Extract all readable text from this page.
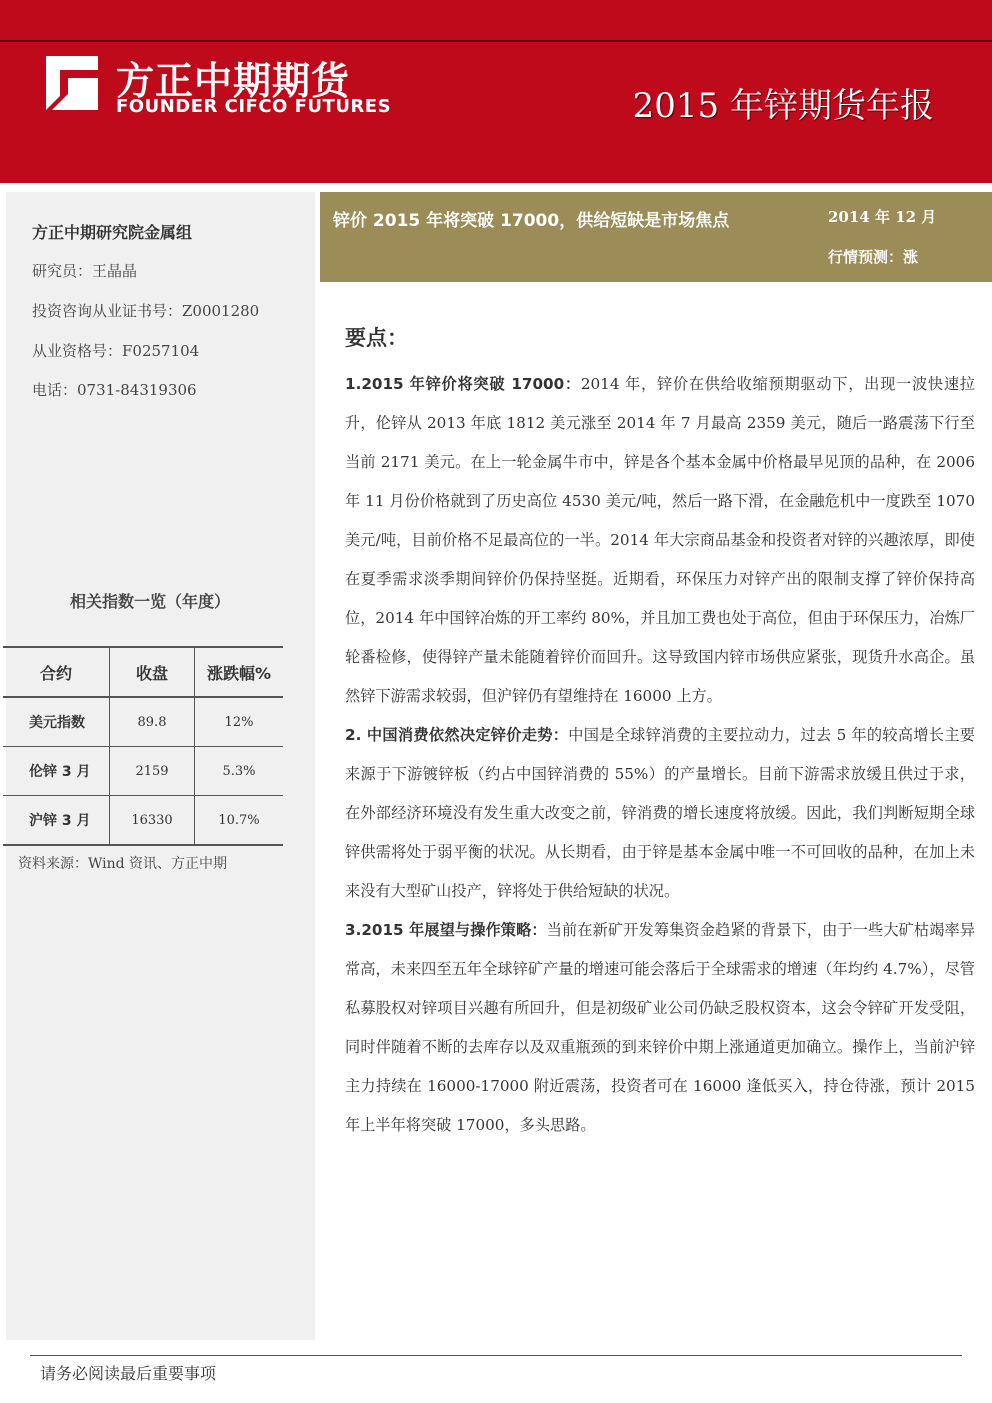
方正中期期货
FOUNDER CIFCO FUTURES	2015 年锌期货年报
方正中期研究院金属组
研究员：王晶晶
投资咨询从业证书号：Z0001280
从业资格号：F0257104
电话：0731-84319306
相关指数一览（年度）
合约	收盘	涨跌幅%
美元指数	89.8	12%
伦锌 3 月	2159	5.3%
沪锌 3 月	16330	10.7%
资料来源：Wind 资讯、方正中期
锌价 2015 年将突破 17000，供给短缺是市场焦点	2014 年 12 月
行情预测：涨
要点：

1.2015 年锌价将突破 17000：2014 年，锌价在供给收缩预期驱动下，出现一波快速拉升，伦锌从 2013 年底 1812 美元涨至 2014 年 7 月最高 2359 美元，随后一路震荡下行至当前 2171 美元。在上一轮金属牛市中，锌是各个基本金属中价格最早见顶的品种，在 2006 年 11 月份价格就到了历史高位 4530 美元/吨，然后一路下滑，在金融危机中一度跌至 1070 美元/吨，目前价格不足最高位的一半。2014 年大宗商品基金和投资者对锌的兴趣浓厚，即使在夏季需求淡季期间锌价仍保持坚挺。近期看，环保压力对锌产出的限制支撑了锌价保持高位，2014 年中国锌冶炼的开工率约 80%，并且加工费也处于高位，但由于环保压力，冶炼厂轮番检修，使得锌产量未能随着锌价而回升。这导致国内锌市场供应紧张，现货升水高企。虽然锌下游需求较弱，但沪锌仍有望维持在 16000 上方。

2. 中国消费依然决定锌价走势：中国是全球锌消费的主要拉动力，过去 5 年的较高增长主要来源于下游镀锌板（约占中国锌消费的 55%）的产量增长。目前下游需求放缓且供过于求，在外部经济环境没有发生重大改变之前，锌消费的增长速度将放缓。因此，我们判断短期全球锌供需将处于弱平衡的状况。从长期看，由于锌是基本金属中唯一不可回收的品种，在加上未来没有大型矿山投产，锌将处于供给短缺的状况。

3.2015 年展望与操作策略：当前在新矿开发筹集资金趋紧的背景下，由于一些大矿枯竭率异常高，未来四至五年全球锌矿产量的增速可能会落后于全球需求的增速（年均约 4.7%），尽管私募股权对锌项目兴趣有所回升，但是初级矿业公司仍缺乏股权资本，这会令锌矿开发受阻，同时伴随着不断的去库存以及双重瓶颈的到来锌价中期上涨通道更加确立。操作上，当前沪锌主力持续在 16000-17000 附近震荡，投资者可在 16000 逢低买入，持仓待涨，预计 2015 年上半年将突破 17000，多头思路。

请务必阅读最后重要事项
